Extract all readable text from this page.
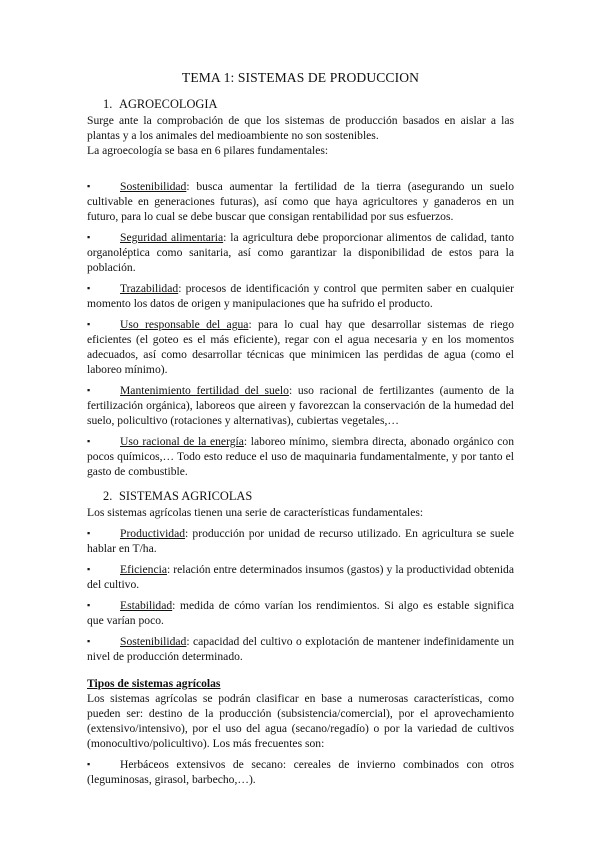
TEMA 1: SISTEMAS DE PRODUCCION
1. AGROECOLOGIA

Surge ante la comprobación de que los sistemas de producción basados en aislar a las plantas y a los animales del medioambiente no son sostenibles.

La agroecología se basa en 6 pilares fundamentales:

▪	Sostenibilidad: busca aumentar la fertilidad de la tierra (asegurando un suelo cultivable en generaciones futuras), así como que haya agricultores y ganaderos en un futuro, para lo cual se debe buscar que consigan rentabilidad por sus esfuerzos.
▪	Seguridad alimentaria: la agricultura debe proporcionar alimentos de calidad, tanto organoléptica como sanitaria, así como garantizar la disponibilidad de estos para la población.
▪	Trazabilidad: procesos de identificación y control que permiten saber en cualquier momento los datos de origen y manipulaciones que ha sufrido el producto.
▪	Uso responsable del agua: para lo cual hay que desarrollar sistemas de riego eficientes (el goteo es el más eficiente), regar con el agua necesaria y en los momentos adecuados, así como desarrollar técnicas que minimicen las perdidas de agua (como el laboreo mínimo).
▪	Mantenimiento fertilidad del suelo: uso racional de fertilizantes (aumento de la fertilización orgánica), laboreos que aireen y favorezcan la conservación de la humedad del suelo, policultivo (rotaciones y alternativas), cubiertas vegetales,…
▪	Uso racional de la energía: laboreo mínimo, siembra directa, abonado orgánico con pocos químicos,… Todo esto reduce el uso de maquinaria fundamentalmente, y por tanto el gasto de combustible.
2. SISTEMAS AGRICOLAS

Los sistemas agrícolas tienen una serie de características fundamentales:

▪	Productividad: producción por unidad de recurso utilizado. En agricultura se suele hablar en T/ha.
▪	Eficiencia: relación entre determinados insumos (gastos) y la productividad obtenida del cultivo.
▪	Estabilidad: medida de cómo varían los rendimientos. Si algo es estable significa que varían poco.
▪	Sostenibilidad: capacidad del cultivo o explotación de mantener indefinidamente un nivel de producción determinado.
Tipos de sistemas agrícolas

Los sistemas agrícolas se podrán clasificar en base a numerosas características, como pueden ser: destino de la producción (subsistencia/comercial), por el aprovechamiento (extensivo/intensivo), por el uso del agua (secano/regadío) o por la variedad de cultivos (monocultivo/policultivo). Los más frecuentes son:

▪	Herbáceos extensivos de secano: cereales de invierno combinados con otros (leguminosas, girasol, barbecho,…).
